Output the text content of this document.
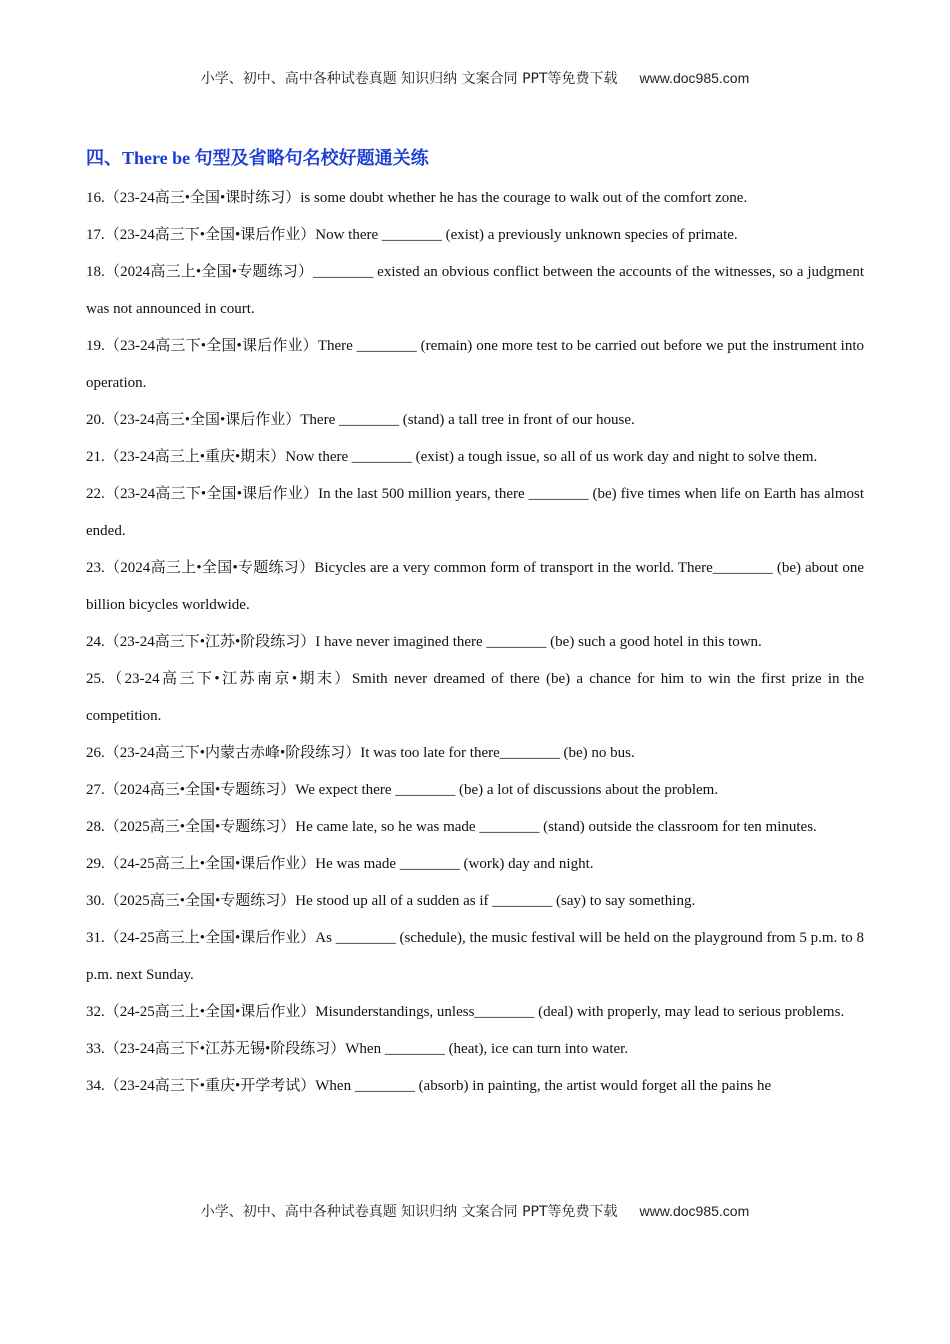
小学、初中、高中各种试卷真题 知识归纳 文案合同 PPT等免费下载 www.doc985.com
四、There be 句型及省略句名校好题通关练

16.（23-24高三•全国•课时练习）is some doubt whether he has the courage to walk out of the comfort zone.

17.（23-24高三下•全国•课后作业）Now there ________ (exist) a previously unknown species of primate.

18.（2024高三上•全国•专题练习）________ existed an obvious conflict between the accounts of the witnesses, so a judgment was not announced in court.

19.（23-24高三下•全国•课后作业）There ________ (remain) one more test to be carried out before we put the instrument into operation.

20.（23-24高三•全国•课后作业）There ________ (stand) a tall tree in front of our house.

21.（23-24高三上•重庆•期末）Now there ________ (exist) a tough issue, so all of us work day and night to solve them.

22.（23-24高三下•全国•课后作业）In the last 500 million years, there ________ (be) five times when life on Earth has almost ended.

23.（2024高三上•全国•专题练习）Bicycles are a very common form of transport in the world. There________ (be) about one billion bicycles worldwide.

24.（23-24高三下•江苏•阶段练习）I have never imagined there ________ (be) such a good hotel in this town.

25.（23-24高三下•江苏南京•期末）Smith never dreamed of there (be) a chance for him to win the first prize in the competition.

26.（23-24高三下•内蒙古赤峰•阶段练习）It was too late for there________ (be) no bus.

27.（2024高三•全国•专题练习）We expect there ________ (be) a lot of discussions about the problem.

28.（2025高三•全国•专题练习）He came late, so he was made ________ (stand) outside the classroom for ten minutes.

29.（24-25高三上•全国•课后作业）He was made ________ (work) day and night.

30.（2025高三•全国•专题练习）He stood up all of a sudden as if ________ (say) to say something.

31.（24-25高三上•全国•课后作业）As ________ (schedule), the music festival will be held on the playground from 5 p.m. to 8 p.m. next Sunday.

32.（24-25高三上•全国•课后作业）Misunderstandings, unless________ (deal) with properly, may lead to serious problems.

33.（23-24高三下•江苏无锡•阶段练习）When ________ (heat), ice can turn into water.

34.（23-24高三下•重庆•开学考试）When ________ (absorb) in painting, the artist would forget all the pains he

小学、初中、高中各种试卷真题 知识归纳 文案合同 PPT等免费下载 www.doc985.com
